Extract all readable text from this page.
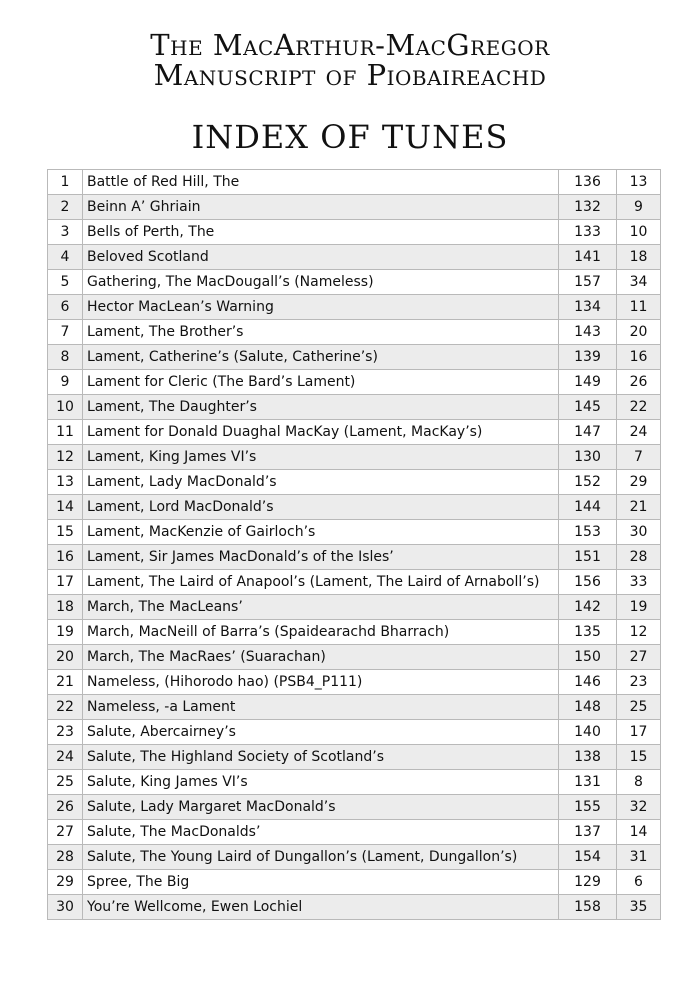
The MacArthur-MacGregor
Manuscript of Piobaireachd
INDEX OF TUNES
1	Battle of Red Hill, The	136	13
2	Beinn A’ Ghriain	132	9
3	Bells of Perth, The	133	10
4	Beloved Scotland	141	18
5	Gathering, The MacDougall’s (Nameless)	157	34
6	Hector MacLean’s Warning	134	11
7	Lament, The Brother’s	143	20
8	Lament, Catherine’s (Salute, Catherine’s)	139	16
9	Lament for Cleric (The Bard’s Lament)	149	26
10	Lament, The Daughter’s	145	22
11	Lament for Donald Duaghal MacKay (Lament, MacKay’s)	147	24
12	Lament, King James VI’s	130	7
13	Lament, Lady MacDonald’s	152	29
14	Lament, Lord MacDonald’s	144	21
15	Lament, MacKenzie of Gairloch’s	153	30
16	Lament, Sir James MacDonald’s of the Isles’	151	28
17	Lament, The Laird of Anapool’s (Lament, The Laird of Arnaboll’s)	156	33
18	March, The MacLeans’	142	19
19	March, MacNeill of Barra’s (Spaidearachd Bharrach)	135	12
20	March, The MacRaes’ (Suarachan)	150	27
21	Nameless, (Hihorodo hao) (PSB4_P111)	146	23
22	Nameless, -a Lament	148	25
23	Salute, Abercairney’s	140	17
24	Salute, The Highland Society of Scotland’s	138	15
25	Salute, King James VI’s	131	8
26	Salute, Lady Margaret MacDonald’s	155	32
27	Salute, The MacDonalds’	137	14
28	Salute, The Young Laird of Dungallon’s (Lament, Dungallon’s)	154	31
29	Spree, The Big	129	6
30	You’re Wellcome, Ewen Lochiel	158	35
